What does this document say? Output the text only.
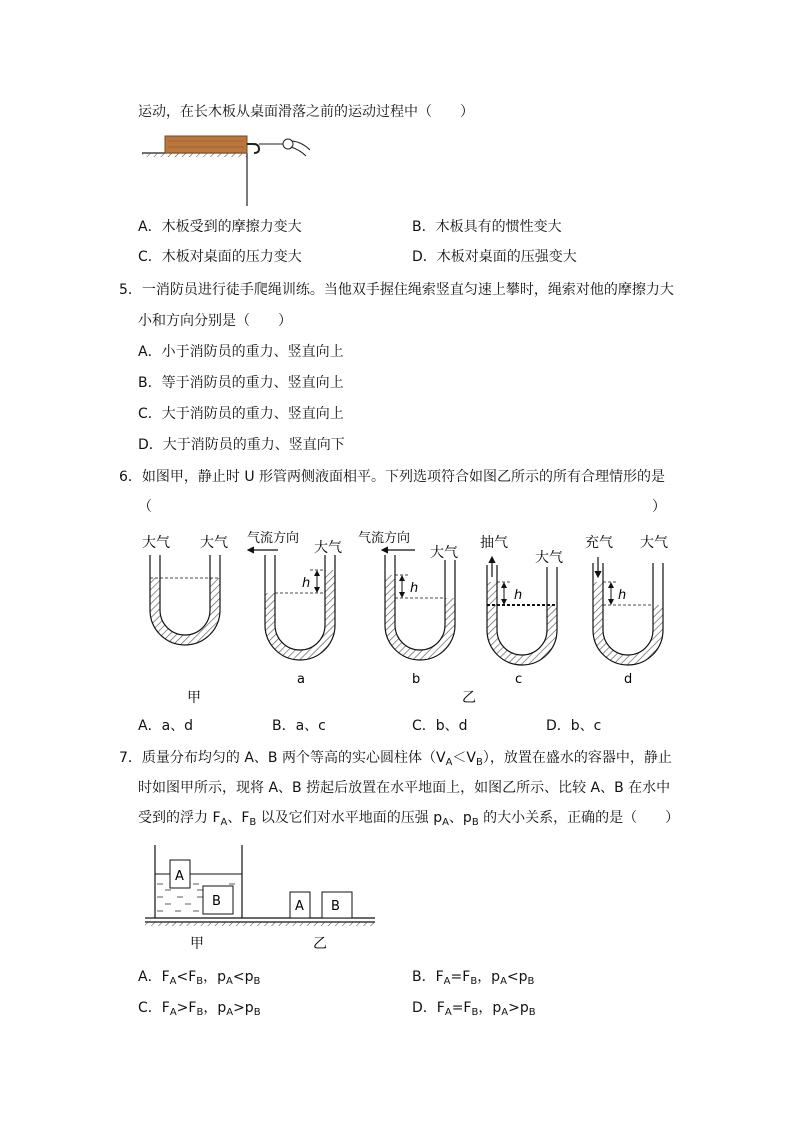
运动，在长木板从桌面滑落之前的运动过程中（　　）
A．木板受到的摩擦力变大	B．木板具有的惯性变大
C．木板对桌面的压力变大	D．木板对桌面的压强变大
5．一消防员进行徒手爬绳训练。当他双手握住绳索竖直匀速上攀时，绳索对他的摩擦力大
小和方向分别是（　　）
A．小于消防员的重力、竖直向上
B．等于消防员的重力、竖直向上
C．大于消防员的重力、竖直向上
D．大于消防员的重力、竖直向下
6．如图甲，静止时 U 形管两侧液面相平。下列选项符合如图乙所示的所有合理情形的是
（	）
大气 大气
甲
气流方向
大气
h
a
气流方向
大气
h
b
抽气
大气
h
c
充气 大气
h
d
乙
A．a、d	B．a、c	C．b、d	D．b、c
7．质量分布均匀的 A、B 两个等高的实心圆柱体$(V_A<V_B)$，放置在盛水的容器中，静止
时如图甲所示，现将 A、B 捞起后放置在水平地面上，如图乙所示、比较 A、B 在水中
受到的浮力 $F_A$、$F_B$ 以及它们对水平地面的压强 $p_A$、$p_B$ 的大小关系，正确的是（　　）
A
B	A B
甲	乙
A．$F_A<F_B$，$p_A<p_B$	B．$F_A=F_B$，$p_A<p_B$
C．$F_A>F_B$，$p_A>p_B$	D．$F_A=F_B$，$p_A>p_B$
